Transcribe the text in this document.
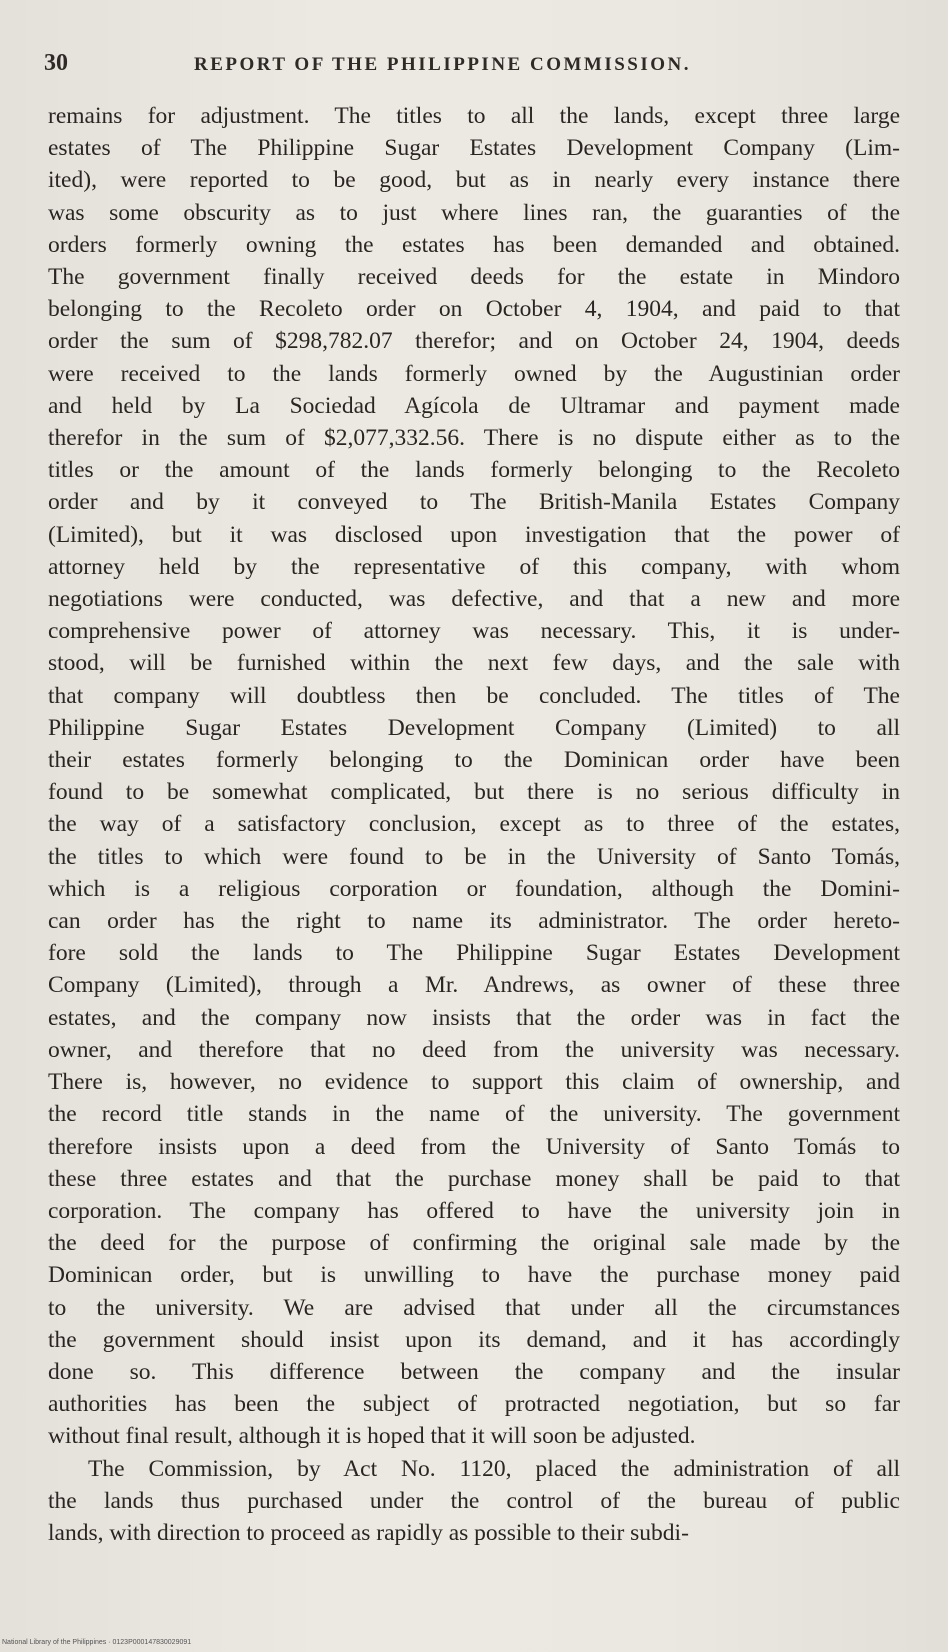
30	REPORT OF THE PHILIPPINE COMMISSION.
remains for adjustment. The titles to all the lands, except three large
estates of The Philippine Sugar Estates Development Company (Lim-
ited), were reported to be good, but as in nearly every instance there
was some obscurity as to just where lines ran, the guaranties of the
orders formerly owning the estates has been demanded and obtained.
The government finally received deeds for the estate in Mindoro
belonging to the Recoleto order on October 4, 1904, and paid to that
order the sum of $298,782.07 therefor; and on October 24, 1904, deeds
were received to the lands formerly owned by the Augustinian order
and held by La Sociedad Agícola de Ultramar and payment made
therefor in the sum of $2,077,332.56. There is no dispute either as to the
titles or the amount of the lands formerly belonging to the Recoleto
order and by it conveyed to The British-Manila Estates Company
(Limited), but it was disclosed upon investigation that the power of
attorney held by the representative of this company, with whom
negotiations were conducted, was defective, and that a new and more
comprehensive power of attorney was necessary. This, it is under-
stood, will be furnished within the next few days, and the sale with
that company will doubtless then be concluded. The titles of The
Philippine Sugar Estates Development Company (Limited) to all
their estates formerly belonging to the Dominican order have been
found to be somewhat complicated, but there is no serious difficulty in
the way of a satisfactory conclusion, except as to three of the estates,
the titles to which were found to be in the University of Santo Tomás,
which is a religious corporation or foundation, although the Domini-
can order has the right to name its administrator. The order hereto-
fore sold the lands to The Philippine Sugar Estates Development
Company (Limited), through a Mr. Andrews, as owner of these three
estates, and the company now insists that the order was in fact the
owner, and therefore that no deed from the university was necessary.
There is, however, no evidence to support this claim of ownership, and
the record title stands in the name of the university. The government
therefore insists upon a deed from the University of Santo Tomás to
these three estates and that the purchase money shall be paid to that
corporation. The company has offered to have the university join in
the deed for the purpose of confirming the original sale made by the
Dominican order, but is unwilling to have the purchase money paid
to the university. We are advised that under all the circumstances
the government should insist upon its demand, and it has accordingly
done so. This difference between the company and the insular
authorities has been the subject of protracted negotiation, but so far
without final result, although it is hoped that it will soon be adjusted.
The Commission, by Act No. 1120, placed the administration of all
the lands thus purchased under the control of the bureau of public
lands, with direction to proceed as rapidly as possible to their subdi-
National Library of the Philippines · 0123P000147830029091
